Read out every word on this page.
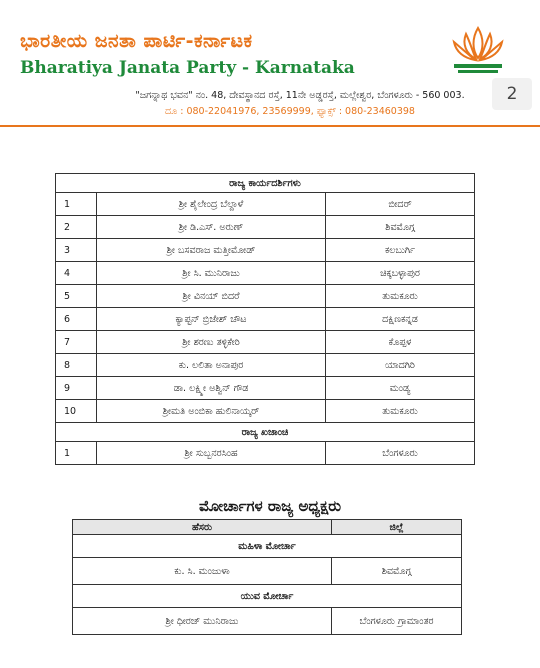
ಭಾರತೀಯ ಜನತಾ ಪಾರ್ಟಿ-ಕರ್ನಾಟಕ
Bharatiya Janata Party - Karnataka
"ಜಗನ್ನಾಥ ಭವನ" ನಂ. 48, ದೇವಸ್ಥಾನದ ರಸ್ತೆ, 11ನೇ ಅಡ್ಡರಸ್ತೆ, ಮಲ್ಲೇಶ್ವರ, ಬೆಂಗಳೂರು - 560 003.
ದೂ : 080-22041976, 23569999, ಫ್ಯಾಕ್ಸ್ : 080-23460398
2
ರಾಜ್ಯ ಕಾರ್ಯದರ್ಶಿಗಳು		
1	ಶ್ರೀ ಶೈಲೇಂದ್ರ ಬೆಲ್ದಾಳೆ	ಬೀದರ್
2	ಶ್ರೀ ಡಿ.ಎಸ್. ಅರುಣ್	ಶಿವಮೊಗ್ಗ
3	ಶ್ರೀ ಬಸವರಾಜ ಮತ್ತೀಮೋಡ್	ಕಲಬುರ್ಗಿ
4	ಶ್ರೀ ಸಿ. ಮುನಿರಾಜು	ಚಿಕ್ಕಬಳ್ಳಾಪುರ
5	ಶ್ರೀ ವಿನಯ್ ಬಿದರೆ	ತುಮಕೂರು
6	ಕ್ಯಾಪ್ಟನ್ ಬ್ರಿಜೇಶ್ ಚೌಟ	ದಕ್ಷಿಣಕನ್ನಡ
7	ಶ್ರೀ ಶರಣು ತಳ್ಳಿಕೇರಿ	ಕೊಪ್ಪಳ
8	ಕು. ಲಲಿತಾ ಅನಾಪುರ	ಯಾದಗಿರಿ
9	ಡಾ. ಲಕ್ಷ್ಮೀ ಅಶ್ವಿನ್ ಗೌಡ	ಮಂಡ್ಯ
10	ಶ್ರೀಮತಿ ಅಂಬಿಕಾ ಹುಲಿನಾಯ್ಕರ್	ತುಮಕೂರು
ರಾಜ್ಯ ಖಜಾಂಚಿ		
1	ಶ್ರೀ ಸುಬ್ಬನರಸಿಂಹ	ಬೆಂಗಳೂರು
ಮೋರ್ಚಾಗಳ ರಾಜ್ಯ ಅಧ್ಯಕ್ಷರು
ಹೆಸರು	ಜಿಲ್ಲೆ
ಮಹಿಳಾ ಮೋರ್ಚಾ	
ಕು. ಸಿ. ಮಂಜುಳಾ	ಶಿವಮೊಗ್ಗ
ಯುವ ಮೋರ್ಚಾ	
ಶ್ರೀ ಧೀರಜ್ ಮುನಿರಾಜು	ಬೆಂಗಳೂರು ಗ್ರಾಮಾಂತರ
